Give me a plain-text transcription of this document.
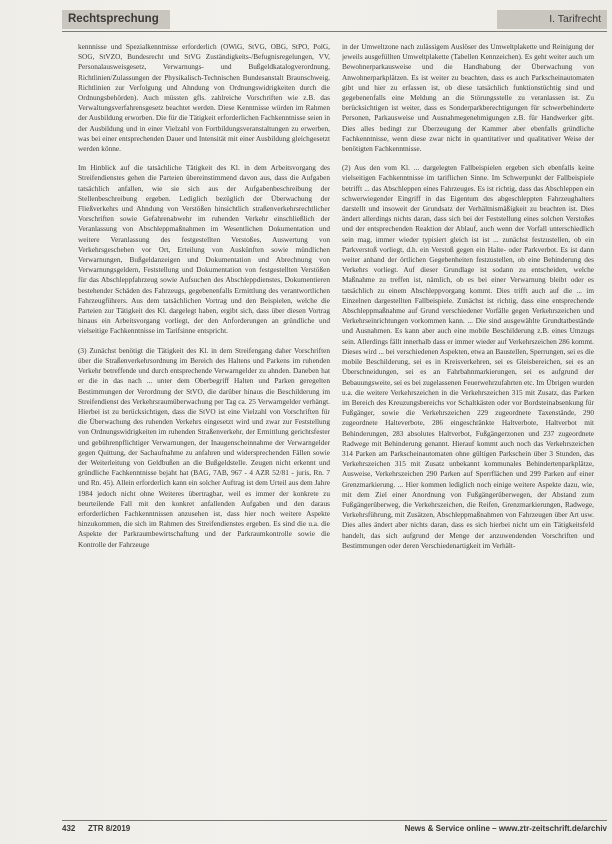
Rechtsprechung	I. Tarifrecht

kennnisse und Spezialkenntnisse erforderlich (OWiG, StVG, OBG, StPO, PolG, SOG, StVZO, Bundesrecht und StVG Zuständigkeits-/Befugnisregelungen, VV, Personalausweisgesetz, Verwarnungs- und Bußgeldkatalogverordnung, Richtlinien/Zulassungen der Physikalisch-Technischen Bundesanstalt Braunschweig, Richtlinien zur Verfolgung und Ahndung von Ordnungswidrigkeiten durch die Ordnungsbehörden). Auch müssten gfls. zahlreiche Vorschriften wie z.B. das Verwaltungsverfahrensgesetz beachtet werden. Diese Kenntnisse würden im Rahmen der Ausbildung erworben. Die für die Tätigkeit erforderlichen Fachkenntnisse seien in der Ausbildung und in einer Vielzahl von Fortbildungsveranstaltungen zu erwerben, was bei einer entsprechenden Dauer und Intensität mit einer Ausbildung gleichgesetzt werden könne.

Im Hinblick auf die tatsächliche Tätigkeit des Kl. in dem Arbeitsvorgang des Streifendienstes gehen die Parteien übereinstimmend davon aus, dass die Aufgaben tatsächlich anfallen, wie sie sich aus der Aufgabenbeschreibung der Stellenbeschreibung ergeben. Lediglich bezüglich der Überwachung der Fließverkehrs und Ahndung von Verstößen hinsichtlich straßenverkehrsrechtlicher Vorschriften sowie Gefahrenabwehr im ruhenden Verkehr einschließlich der Veranlassung von Abschleppmaßnahmen im Wesentlichen Dokumentation und weitere Veranlassung des festgestellten Verstoßes, Auswertung von Verkehrsgeschehen vor Ort, Erteilung von Auskünften sowie mündlichen Verwarnungen, Bußgeldanzeigen und Dokumentation und Abrechnung von Verwarnungsgeldern, Feststellung und Dokumentation von festgestellten Verstößen für das Abschleppfahrzeug sowie Aufsuchen des Abschleppdienstes, Dokumentieren bestehender Schäden des Fahrzeugs, gegebenenfalls Ermittlung des verantwortlichen Fahrzeugführers. Aus dem tatsächlichen Vortrag und den Beispielen, welche die Parteien zur Tätigkeit des Kl. dargelegt haben, ergibt sich, dass über diesen Vortrag hinaus ein Arbeitsvorgang vorliegt, der den Anforderungen an gründliche und vielseitige Fachkenntnisse im Tarifsinne entspricht.

(3) Zunächst benötigt die Tätigkeit des Kl. in dem Streifengang daher Vorschriften über die Straßenverkehrsordnung im Bereich des Haltens und Parkens im ruhenden Verkehr betreffende und durch entsprechende Verwarngelder zu ahnden. Daneben hat er die in das nach ... unter dem Oberbegriff Halten und Parken geregelten Bestimmungen der Verordnung der StVO, die darüber hinaus die Beschilderung im Streifendienst des Verkehrsraumüberwachung per Tag ca. 25 Verwarngelder verhängt. Hierbei ist zu berücksichtigen, dass die StVO ist eine Vielzahl von Vorschriften für die Überwachung des ruhenden Verkehrs eingesetzt wird und zwar zur Feststellung von Ordnungswidrigkeiten im ruhenden Straßenverkehr, der Ermittlung gerichtsfester und gebührenpflichtiger Verwarnungen, der Inaugenscheinnahme der Verwarngelder gegen Quittung, der Sachaufnahme zu anfahren und widersprechenden Fällen sowie der Weiterleitung von Geldbußen an die Bußgeldstelle. Zeugen nicht erkennt und gründliche Fachkenntnisse bejaht hat (BAG, 7AB, 967 - 4 AZR 52/81 - juris, Rn. 7 und Rn. 45). Allein erforderlich kann ein solcher Auftrag ist dem Urteil aus dem Jahre 1984 jedoch nicht ohne Weiteres übertragbar, weil es immer der konkrete zu beurteilende Fall mit den konkret anfallenden Aufgaben und den daraus erforderlichen Fachkenntnissen anzusehen ist, dass hier noch weitere Aspekte hinzukommen, die sich im Rahmen des Streifendienstes ergeben. Es sind die u.a. die Aspekte der Parkraumbewirtschaftung und der Parkraumkontrolle sowie die Kontrolle der Fahrzeuge

in der Umweltzone nach zulässigem Auslöser des Umweltplakette und Reinigung der jeweils ausgefüllten Umweltplakette (Tabellen Kennzeichen). Es geht weiter auch um Bewohnerparkausweise und die Handhabung der Überwachung von Anwohnerparkplätzen. Es ist weiter zu beachten, dass es auch Parkscheinautomaten gibt und hier zu erfassen ist, ob diese tatsächlich funktionstüchtig sind und gegebenenfalls eine Meldung an die Störungsstelle zu veranlassen ist. Zu berücksichtigen ist weiter, dass es Sonderparkberechtigungen für schwerbehinderte Personen, Parkausweise und Ausnahmegenehmigungen z.B. für Handwerker gibt. Dies alles bedingt zur Überzeugung der Kammer aber ebenfalls gründliche Fachkenntnisse, wenn diese zwar nicht in quantitativer und qualitativer Weise der benötigten Fachkenntnisse.

(2) Aus den vom Kl. ... dargelegten Fallbeispielen ergeben sich ebenfalls keine vielseitigen Fachkenntnisse im tariflichen Sinne. Im Schwerpunkt der Fallbeispiele betrifft ... das Abschleppen eines Fahrzeuges. Es ist richtig, dass das Abschleppen ein schwerwiegender Eingriff in das Eigentum des abgeschleppten Fahrzeughalters darstellt und insoweit der Grundsatz der Verhältnismäßigkeit zu beachten ist. Dies ändert allerdings nichts daran, dass sich bei der Feststellung eines solchen Verstoßes und der entsprechenden Reaktion der Ablauf, auch wenn der Vorfall unterschiedlich sein mag, immer wieder typisiert gleich ist ist ... zunächst festzustellen, ob ein Parkverstoß vorliegt, d.h. ein Verstoß gegen ein Halte- oder Parkverbot. Es ist dann weiter anhand der örtlichen Gegebenheiten festzustellen, ob eine Behinderung des Verkehrs vorliegt. Auf dieser Grundlage ist sodann zu entscheiden, welche Maßnahme zu treffen ist, nämlich, ob es bei einer Verwarnung bleibt oder es tatsächlich zu einem Abschleppvorgang kommt. Dies trifft auch auf die ... im Einzelnen dargestellten Fallbeispiele. Zunächst ist richtig, dass eine entsprechende Abschleppmaßnahme auf Grund verschiedener Vorfälle gegen Verkehrszeichen und Verkehrseinrichtungen vorkommen kann. ... Die sind ausgewählte Grundtatbestände und Ausnahmen. Es kann aber auch eine mobile Beschilderung z.B. eines Umzugs sein. Allerdings fällt innerhalb dass er immer wieder auf Verkehrszeichen 286 kommt. Dieses wird ... bei verschiedenen Aspekten, etwa an Baustellen, Sperrungen, sei es die mobile Beschilderung, sei es in Kreisverkehren, sei es Gleisbereichen, sei es an Überschneidungen, sei es an Fahrbahnmarkierungen, sei es aufgrund der Bebauungsweite, sei es bei zugelassenen Feuerwehrzufahrten etc. Im Übrigen wurden u.a. die weitere Verkehrszeichen in die Verkehrszeichen 315 mit Zusatz, das Parken im Bereich des Kreuzungsbereichs vor Schaltkästen oder vor Bordsteinabsenkung für Fußgänger, sowie die Verkehrszeichen 229 zugeordnete Taxenstände, 290 zugeordnete Halteverbote, 286 eingeschränkte Haltverbote, Haltverbot mit Behinderungen, 283 absolutes Haltverbot, Fußgängerzonen und 237 zugeordnete Radwege mit Behinderung genannt. Hierauf kommt auch noch das Verkehrszeichen 314 Parken am Parkscheinautomaten ohne gültigen Parkschein über 3 Stunden, das Verkehrszeichen 315 mit Zusatz unbekannt kommunales Behindertenparkplätze, Ausweise, Verkehrszeichen 290 Parken auf Sperrflächen und 299 Parken auf einer Grenzmarkierung. ... Hier kommen lediglich noch einige weitere Aspekte dazu, wie, mit dem Ziel einer Anordnung von Fußgängerüberwegen, der Abstand zum Fußgängerüberweg, die Verkehrszeichen, die Reifen, Grenzmarkierungen, Radwege, Verkehrsführung, mit Zusätzen, Abschleppmaßnahmen von Fahrzeugen über Art usw. Dies alles ändert aber nichts daran, dass es sich hierbei nicht um ein Tätigkeitsfeld handelt, das sich aufgrund der Menge der anzuwendenden Vorschriften und Bestimmungen oder deren Verschiedenartigkeit im Verhält-

432 ZTR 8/2019	News & Service online – www.ztr-zeitschrift.de/archiv
